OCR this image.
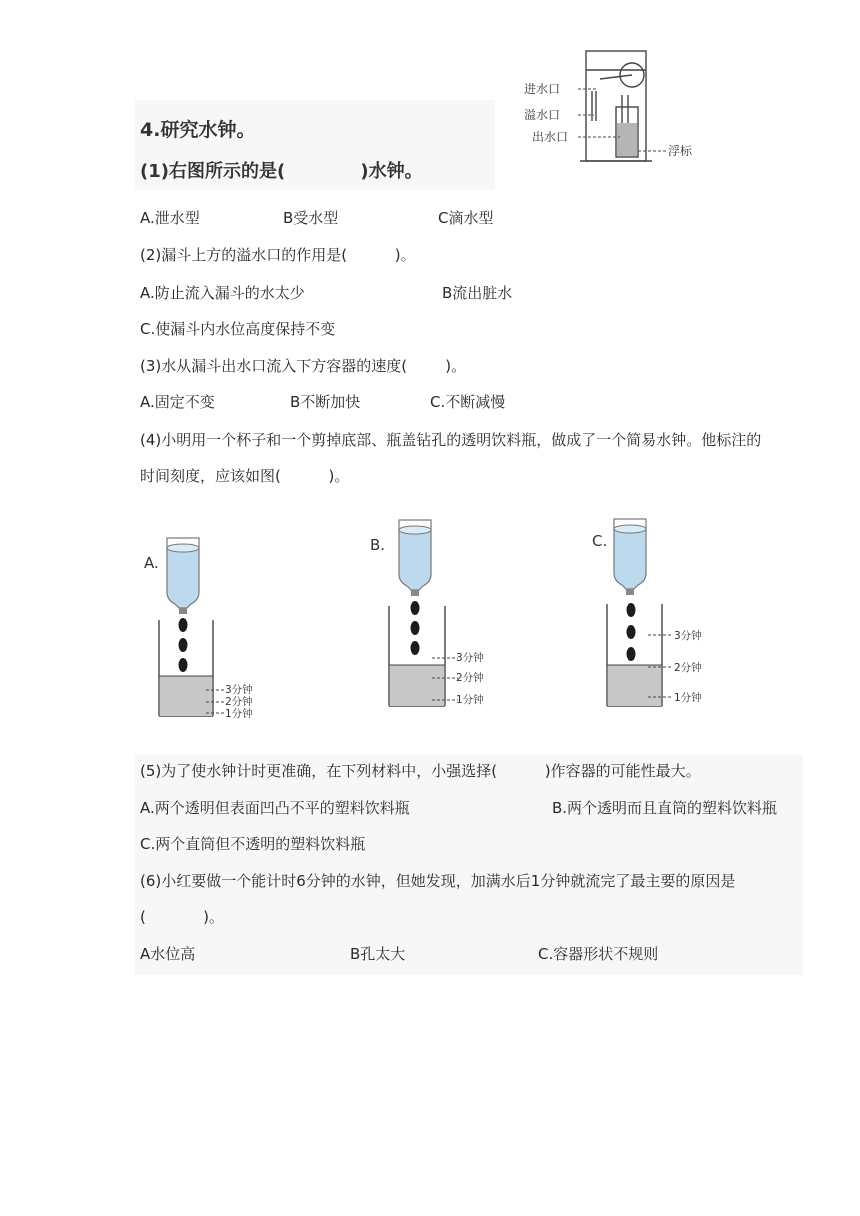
进水口
溢水口
出水口
浮标
4.研究水钟。
(1)右图所示的是(            )水钟。
A.泄水型	B受水型	C滴水型
(2)漏斗上方的溢水口的作用是(          )。
A.防止流入漏斗的水太少	B流出脏水
C.使漏斗内水位高度保持不变
(3)水从漏斗出水口流入下方容器的速度(        )。
A.固定不变	B不断加快	C.不断减慢
(4)小明用一个杯子和一个剪掉底部、瓶盖钻孔的透明饮料瓶，做成了一个简易水钟。他标注的
时间刻度，应该如图(          )。
A.
3分钟
2分钟
1分钟
B.
3分钟
2分钟
1分钟
C.
3分钟
2分钟
1分钟
(5)为了使水钟计时更准确，在下列材料中，小强选择(          )作容器的可能性最大。
A.两个透明但表面凹凸不平的塑料饮料瓶	B.两个透明而且直筒的塑料饮料瓶
C.两个直筒但不透明的塑料饮料瓶
(6)小红要做一个能计时6分钟的水钟，但她发现，加满水后1分钟就流完了最主要的原因是
(            )。
A水位高	B孔太大	C.容器形状不规则
